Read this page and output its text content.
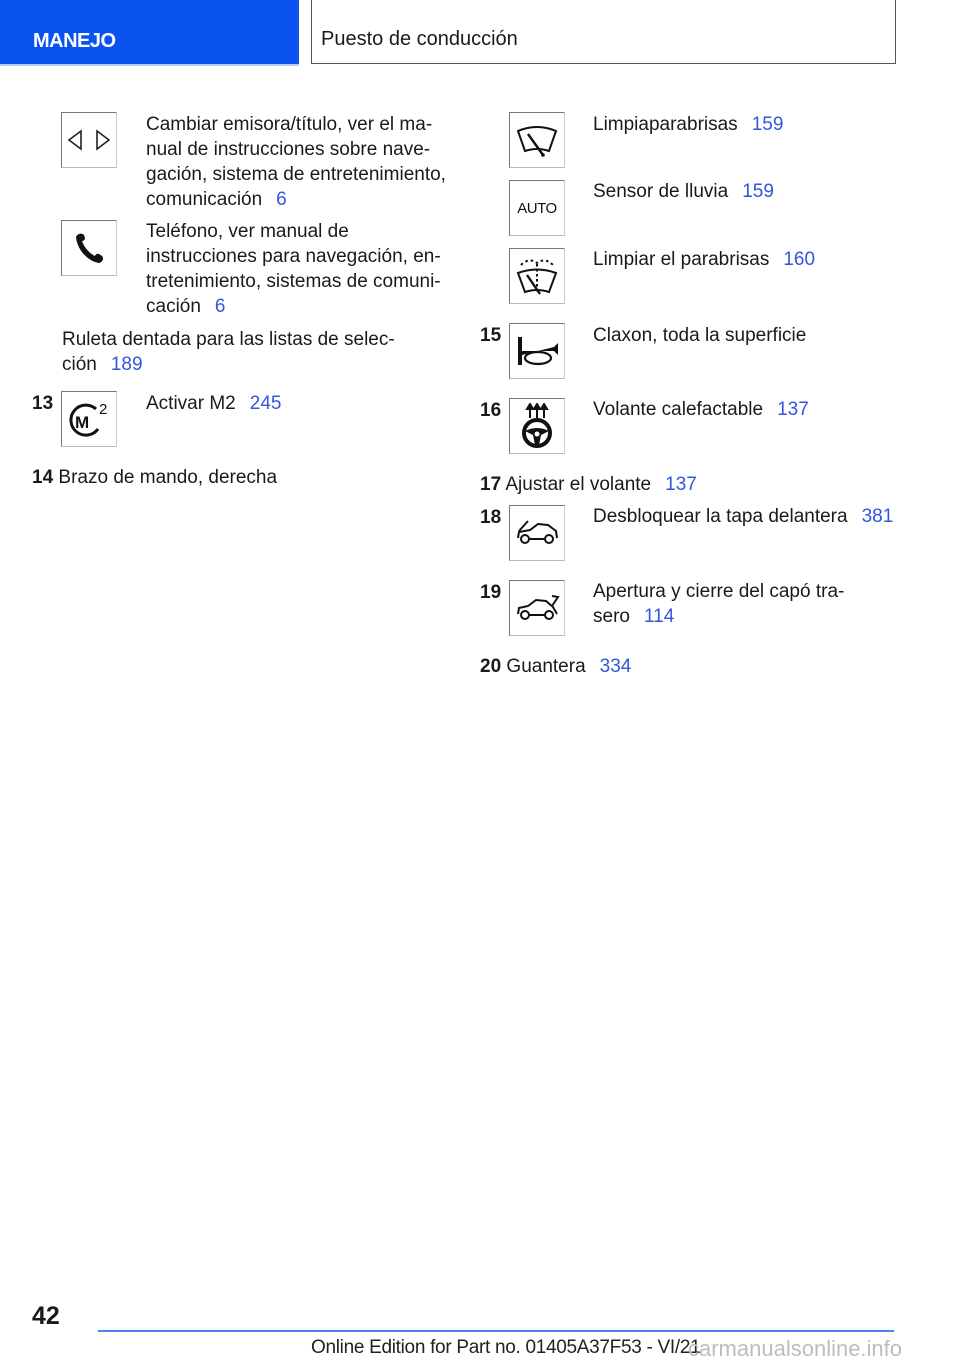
MANEJO	Puesto de conducción
Cambiar emisora/título, ver el ma-
nual de instrucciones sobre nave-
gación, sistema de entretenimiento,
comunicación 6
Teléfono, ver manual de
instrucciones para navegación, en-
tretenimiento, sistemas de comuni-
cación 6
Ruleta dentada para las listas de selec-
ción 189
13
M
2 Activar M2 245
14 Brazo de mando, derecha
Limpiaparabrisas 159
AUTO
Sensor de lluvia 159
Limpiar el parabrisas 160
15	Claxon, toda la superficie
16	Volante calefactable 137
17 Ajustar el volante 137
18	Desbloquear la tapa delantera 381
19	Apertura y cierre del capó tra-
sero 114
20 Guantera 334
42
Online Edition for Part no. 01405A37F53 - VI/21
carmanualsonline.info
